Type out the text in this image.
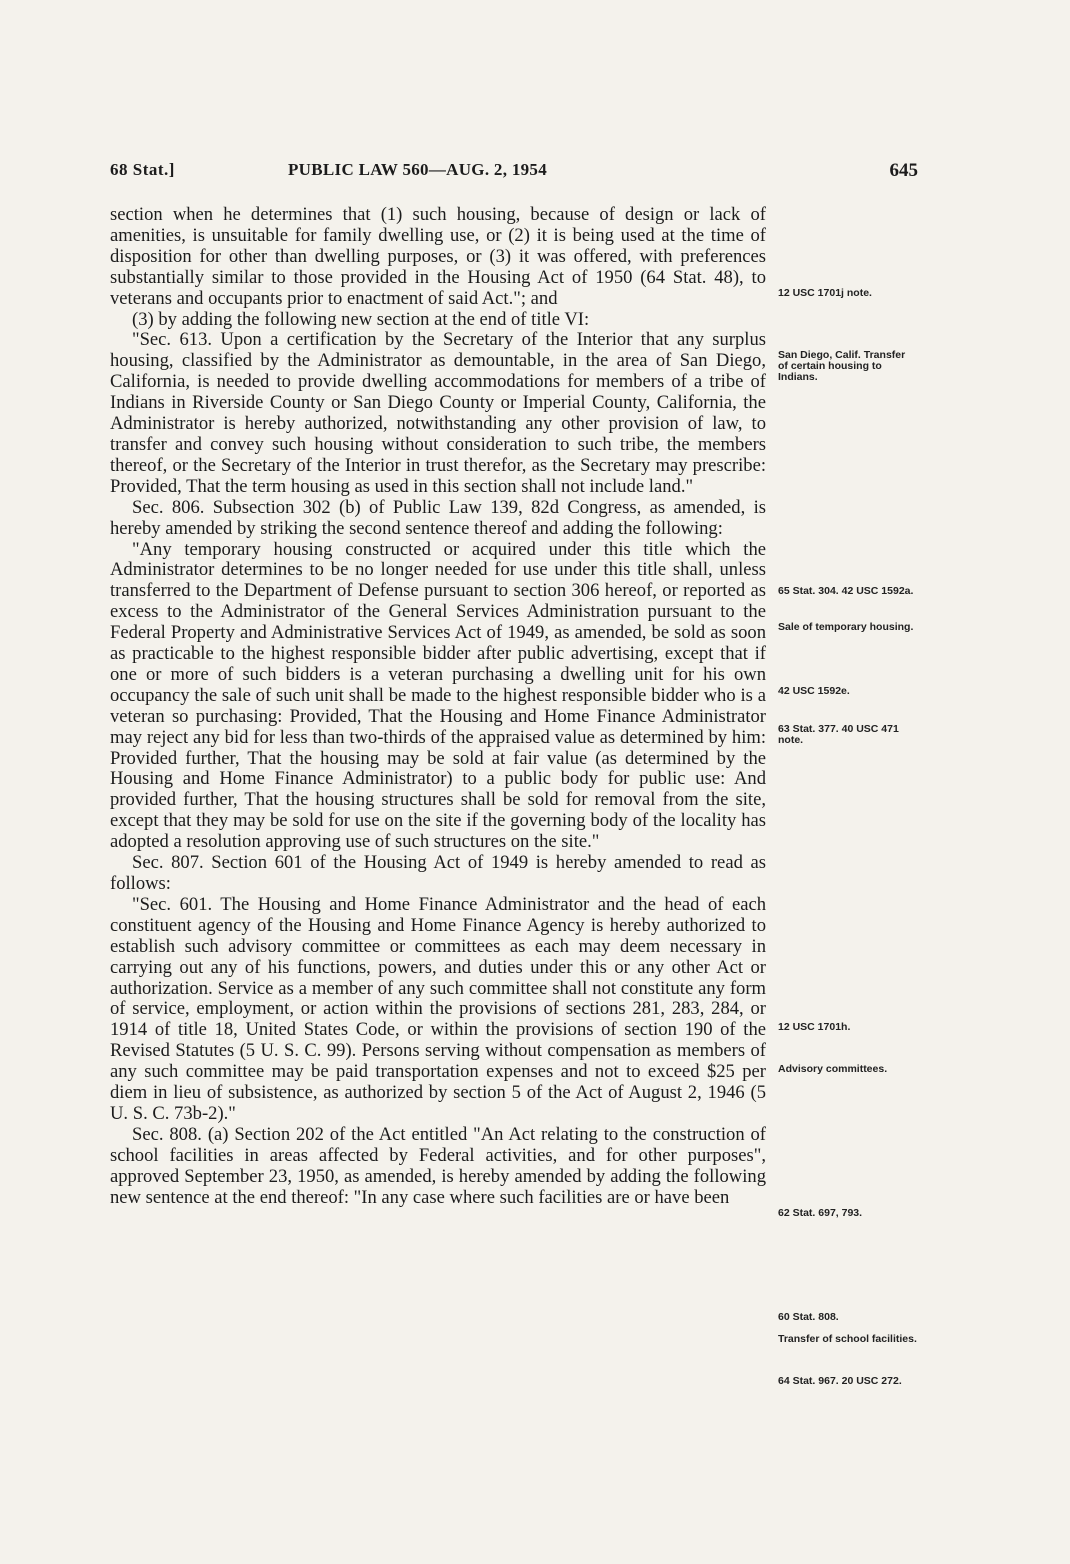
68 Stat.]	PUBLIC LAW 560—AUG. 2, 1954	645

section when he determines that (1) such housing, because of design or lack of amenities, is unsuitable for family dwelling use, or (2) it is being used at the time of disposition for other than dwelling purposes, or (3) it was offered, with preferences substantially similar to those provided in the Housing Act of 1950 (64 Stat. 48), to veterans and occupants prior to enactment of said Act."; and

(3) by adding the following new section at the end of title VI:

"Sec. 613. Upon a certification by the Secretary of the Interior that any surplus housing, classified by the Administrator as demountable, in the area of San Diego, California, is needed to provide dwelling accommodations for members of a tribe of Indians in Riverside County or San Diego County or Imperial County, California, the Administrator is hereby authorized, notwithstanding any other provision of law, to transfer and convey such housing without consideration to such tribe, the members thereof, or the Secretary of the Interior in trust therefor, as the Secretary may prescribe: Provided, That the term housing as used in this section shall not include land."

Sec. 806. Subsection 302 (b) of Public Law 139, 82d Congress, as amended, is hereby amended by striking the second sentence thereof and adding the following:

"Any temporary housing constructed or acquired under this title which the Administrator determines to be no longer needed for use under this title shall, unless transferred to the Department of Defense pursuant to section 306 hereof, or reported as excess to the Administrator of the General Services Administration pursuant to the Federal Property and Administrative Services Act of 1949, as amended, be sold as soon as practicable to the highest responsible bidder after public advertising, except that if one or more of such bidders is a veteran purchasing a dwelling unit for his own occupancy the sale of such unit shall be made to the highest responsible bidder who is a veteran so purchasing: Provided, That the Housing and Home Finance Administrator may reject any bid for less than two-thirds of the appraised value as determined by him: Provided further, That the housing may be sold at fair value (as determined by the Housing and Home Finance Administrator) to a public body for public use: And provided further, That the housing structures shall be sold for removal from the site, except that they may be sold for use on the site if the governing body of the locality has adopted a resolution approving use of such structures on the site."

Sec. 807. Section 601 of the Housing Act of 1949 is hereby amended to read as follows:

"Sec. 601. The Housing and Home Finance Administrator and the head of each constituent agency of the Housing and Home Finance Agency is hereby authorized to establish such advisory committee or committees as each may deem necessary in carrying out any of his functions, powers, and duties under this or any other Act or authorization. Service as a member of any such committee shall not constitute any form of service, employment, or action within the provisions of sections 281, 283, 284, or 1914 of title 18, United States Code, or within the provisions of section 190 of the Revised Statutes (5 U. S. C. 99). Persons serving without compensation as members of any such committee may be paid transportation expenses and not to exceed $25 per diem in lieu of subsistence, as authorized by section 5 of the Act of August 2, 1946 (5 U. S. C. 73b-2)."

Sec. 808. (a) Section 202 of the Act entitled "An Act relating to the construction of school facilities in areas affected by Federal activities, and for other purposes", approved September 23, 1950, as amended, is hereby amended by adding the following new sentence at the end thereof: "In any case where such facilities are or have been

12 USC 1701j note.
San Diego, Calif. Transfer of certain housing to Indians.
65 Stat. 304. 42 USC 1592a.
Sale of temporary housing.
42 USC 1592e.
63 Stat. 377. 40 USC 471 note.
12 USC 1701h.
Advisory committees.
62 Stat. 697, 793.
60 Stat. 808.
Transfer of school facilities.
64 Stat. 967. 20 USC 272.
